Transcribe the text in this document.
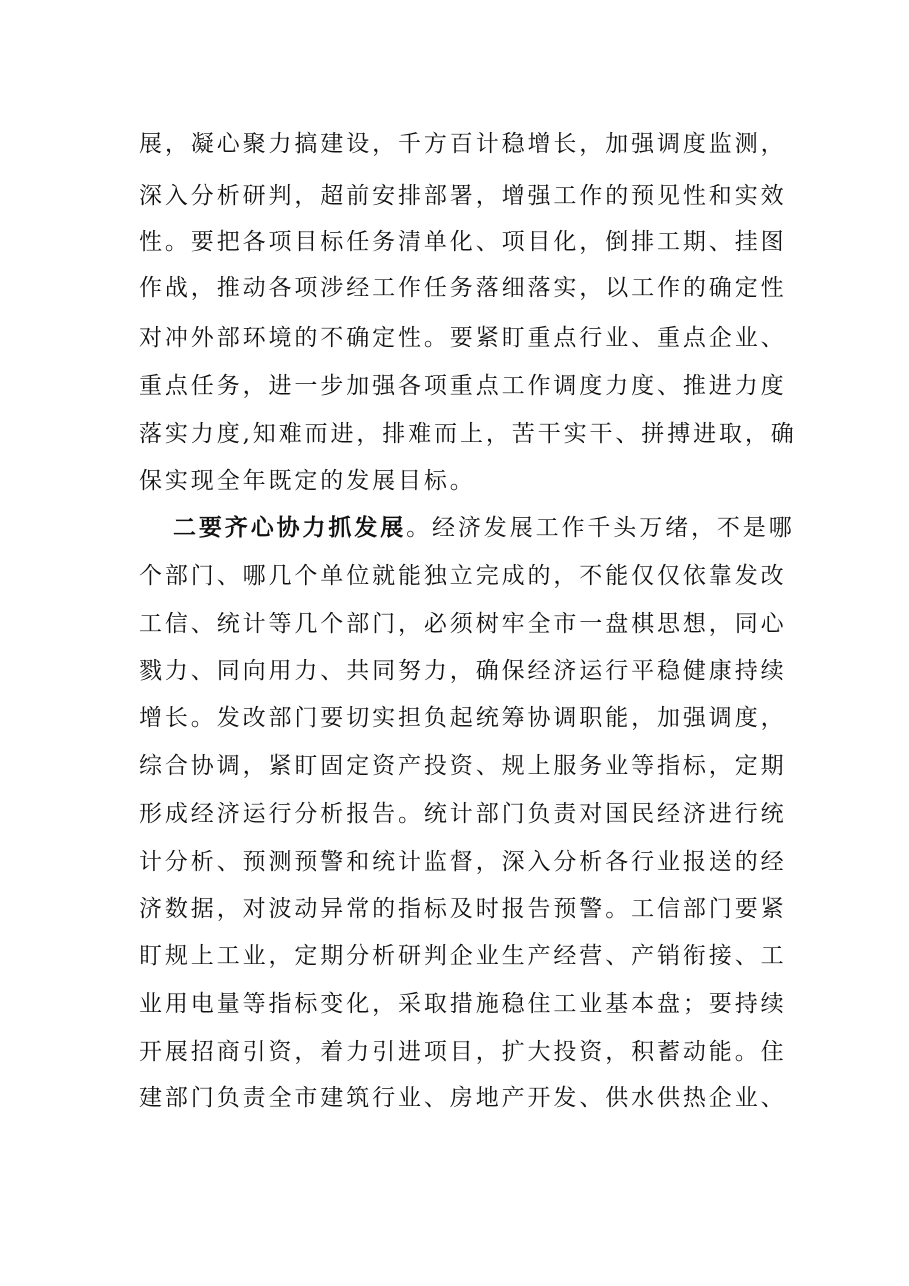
展，凝心聚力搞建设，千方百计稳增长，加强调度监测，
深入分析研判，超前安排部署，增强工作的预见性和实效
性。要把各项目标任务清单化、项目化，倒排工期、挂图
作战，推动各项涉经工作任务落细落实，以工作的确定性
对冲外部环境的不确定性。要紧盯重点行业、重点企业、
重点任务，进一步加强各项重点工作调度力度、推进力度
落实力度,知难而进，排难而上，苦干实干、拼搏进取，确
保实现全年既定的发展目标。
二要齐心协力抓发展。经济发展工作千头万绪，不是哪
个部门、哪几个单位就能独立完成的，不能仅仅依靠发改
工信、统计等几个部门，必须树牢全市一盘棋思想，同心
戮力、同向用力、共同努力，确保经济运行平稳健康持续
增长。发改部门要切实担负起统筹协调职能，加强调度，
综合协调，紧盯固定资产投资、规上服务业等指标，定期
形成经济运行分析报告。统计部门负责对国民经济进行统
计分析、预测预警和统计监督，深入分析各行业报送的经
济数据，对波动异常的指标及时报告预警。工信部门要紧
盯规上工业，定期分析研判企业生产经营、产销衔接、工
业用电量等指标变化，采取措施稳住工业基本盘；要持续
开展招商引资，着力引进项目，扩大投资，积蓄动能。住
建部门负责全市建筑行业、房地产开发、供水供热企业、
